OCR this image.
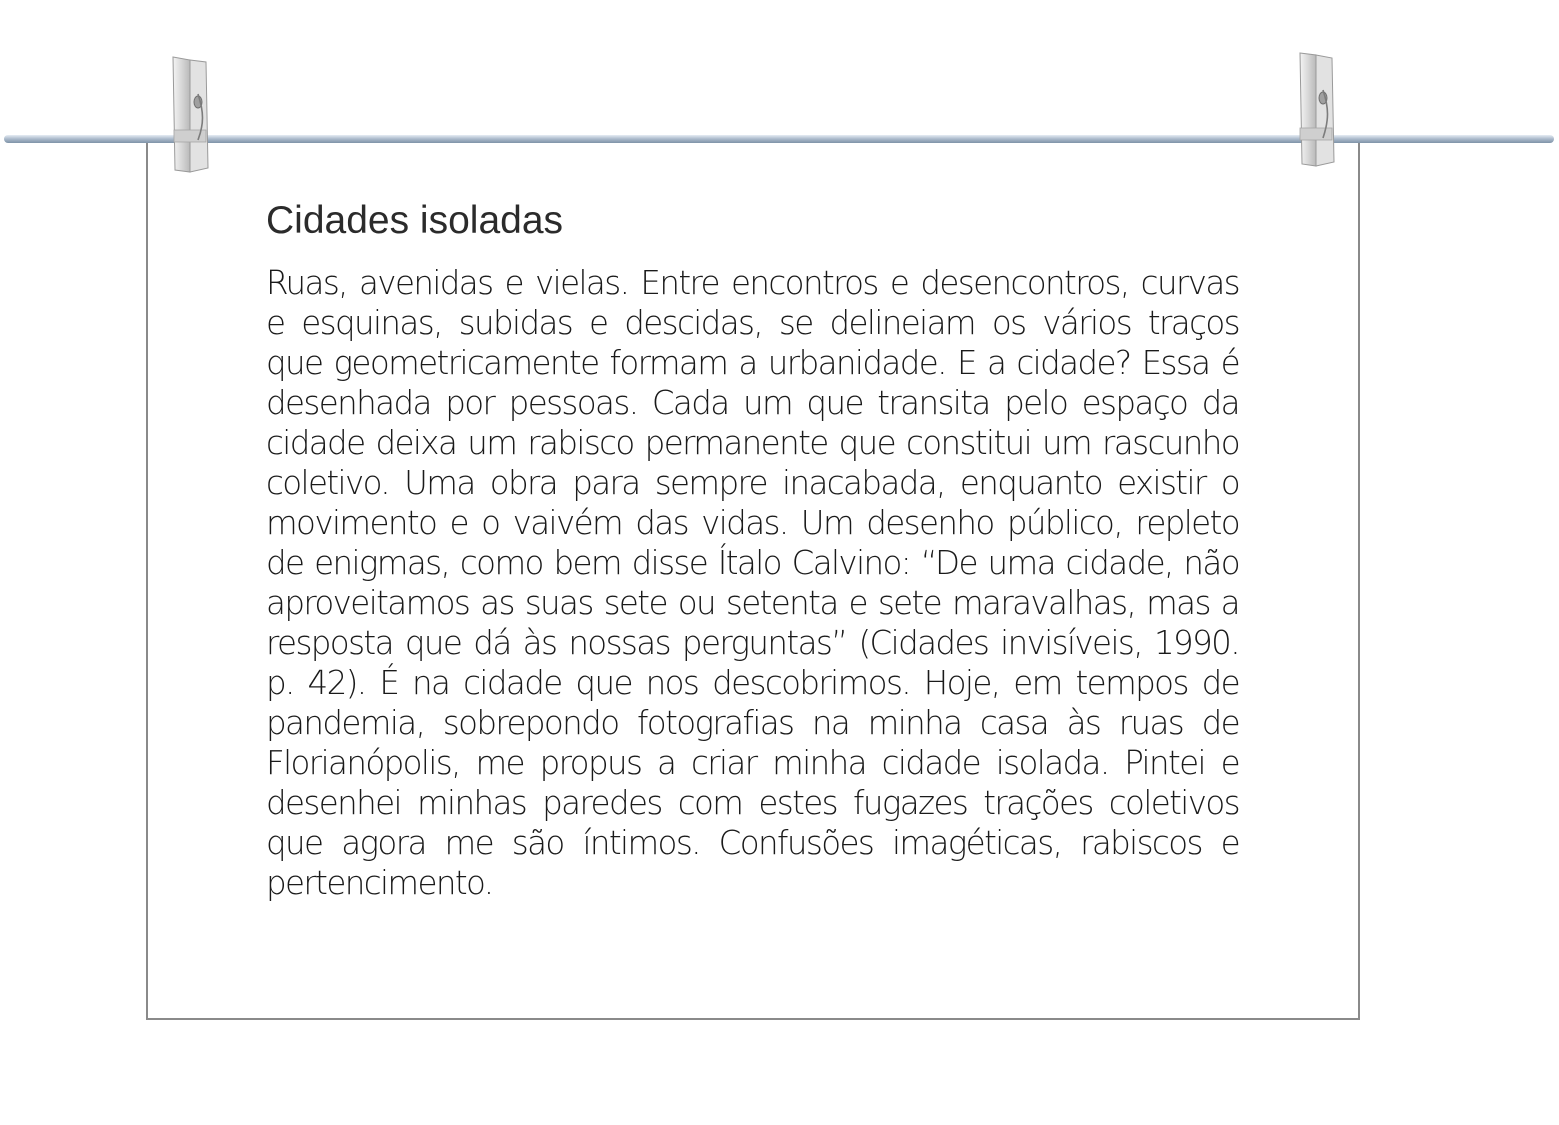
Cidades isoladas

Ruas, avenidas e vielas. Entre encontros e desencontros, curvas e esquinas, subidas e descidas, se delineiam os vários traços que geometricamente formam a urbanidade. E a cidade? Essa é desenhada por pessoas. Cada um que transita pelo espaço da cidade deixa um rabisco permanente que constitui um rascunho coletivo. Uma obra para sempre inacabada, enquanto existir o movimento e o vaivém das vidas. Um desenho público, repleto de enigmas, como bem disse Ítalo Calvino: “De uma cidade, não aproveitamos as suas sete ou setenta e sete maravalhas, mas a resposta que dá às nossas perguntas” (Cidades invisíveis, 1990. p. 42). É na cidade que nos descobrimos. Hoje, em tempos de pandemia, sobrepondo fotografias na minha casa às ruas de Florianópolis, me propus a criar minha cidade isolada. Pintei e desenhei minhas paredes com estes fugazes trações coletivos que agora me são íntimos. Confusões imagéticas, rabiscos e pertencimento.
